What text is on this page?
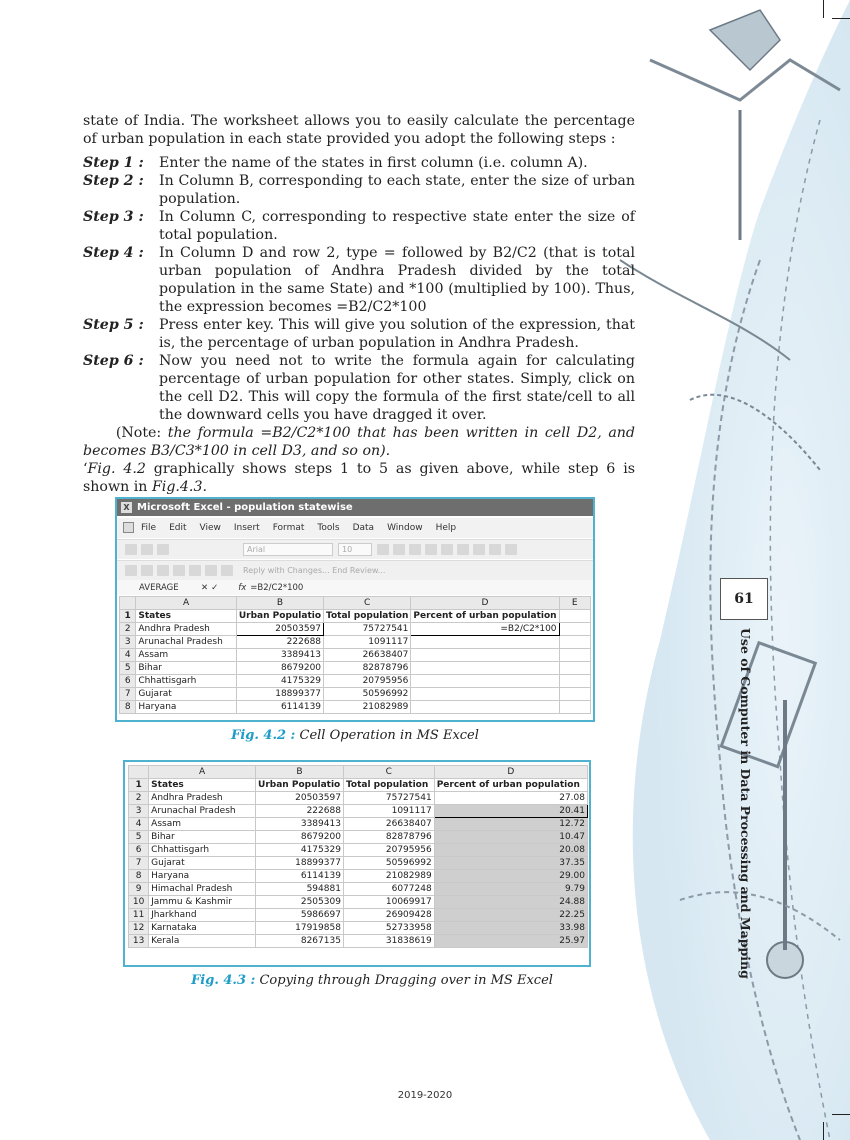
state of India. The worksheet allows you to easily calculate the percentage of urban population in each state provided you adopt the following steps :

Step 1 :	Enter the name of the states in first column (i.e. column A).
Step 2 :	In Column B, corresponding to each state, enter the size of urban population.
Step 3 :	In Column C, corresponding to respective state enter the size of total population.
Step 4 :	In Column D and row 2, type = followed by B2/C2 (that is total urban population of Andhra Pradesh divided by the total population in the same State) and *100 (multiplied by 100). Thus, the expression becomes =B2/C2*100
Step 5 :	Press enter key. This will give you solution of the expression, that is, the percentage of urban population in Andhra Pradesh.
Step 6 :	Now you need not to write the formula again for calculating percentage of urban population for other states. Simply, click on the cell D2. This will copy the formula of the first state/cell to all the downward cells you have dragged it over.

(Note: the formula =B2/C2*100 that has been written in cell D2, and becomes B3/C3*100 in cell D3, and so on).

‘Fig. 4.2 graphically shows steps 1 to 5 as given above, while step 6 is shown in Fig.4.3.

X Microsoft Excel - population statewise
File Edit View Insert Format Tools Data Window Help
Arial	10
Reply with Changes... End Review...
AVERAGE	✕ ✓ fx =B2/C2*100
	A	B	C	D	E
1	States	Urban Populatio	Total population	Percent of urban population	
2	Andhra Pradesh	20503597	75727541	=B2/C2*100	
3	Arunachal Pradesh	222688	1091117		
4	Assam	3389413	26638407		
5	Bihar	8679200	82878796		
6	Chhattisgarh	4175329	20795956		
7	Gujarat	18899377	50596992		
8	Haryana	6114139	21082989		
Fig. 4.2 : Cell Operation in MS Excel
	A	B	C	D
1	States	Urban Populatio	Total population	Percent of urban population
2	Andhra Pradesh	20503597	75727541	27.08
3	Arunachal Pradesh	222688	1091117	20.41
4	Assam	3389413	26638407	12.72
5	Bihar	8679200	82878796	10.47
6	Chhattisgarh	4175329	20795956	20.08
7	Gujarat	18899377	50596992	37.35
8	Haryana	6114139	21082989	29.00
9	Himachal Pradesh	594881	6077248	9.79
10	Jammu & Kashmir	2505309	10069917	24.88
11	Jharkhand	5986697	26909428	22.25
12	Karnataka	17919858	52733958	33.98
13	Kerala	8267135	31838619	25.97
Fig. 4.3 : Copying through Dragging over in MS Excel
61
Use of Computer in Data Processing and Mapping
2019-2020
